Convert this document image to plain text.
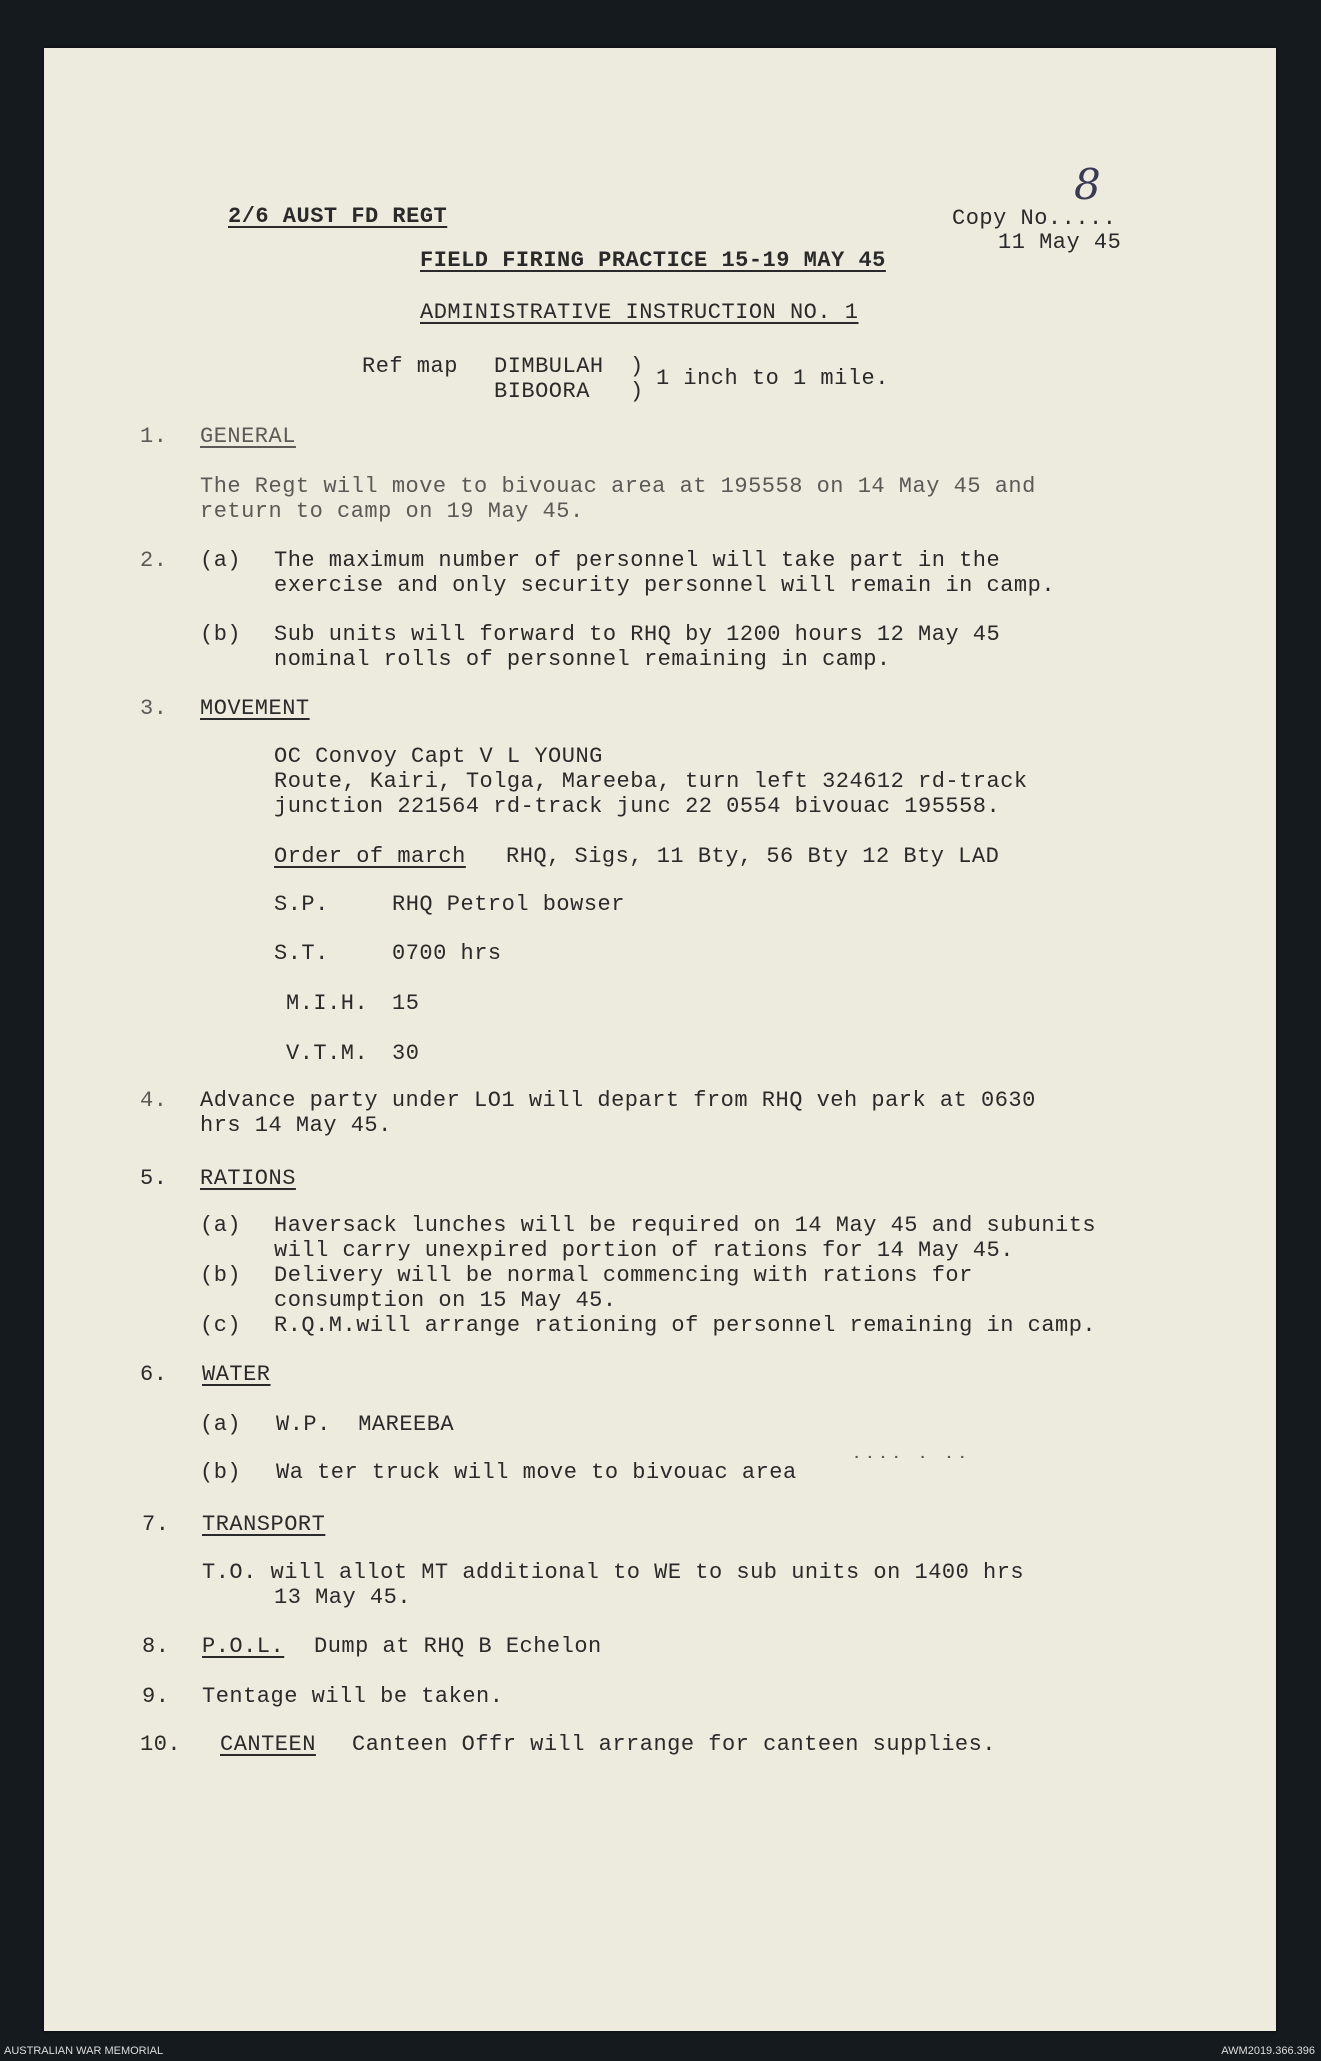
2/6 AUST FD REGT	Copy No.....
8
11 May 45
FIELD FIRING PRACTICE 15-19 MAY 45
ADMINISTRATIVE INSTRUCTION NO. 1
Ref map DIMBULAH
BIBOORA
)
)
1 inch to 1 mile.
1. GENERAL
The Regt will move to bivouac area at 195558 on 14 May 45 and
return to camp on 19 May 45.
2. (a) The maximum number of personnel will take part in the
exercise and only security personnel will remain in camp.
(b) Sub units will forward to RHQ by 1200 hours 12 May 45
nominal rolls of personnel remaining in camp.
3. MOVEMENT
OC Convoy Capt V L YOUNG
Route, Kairi, Tolga, Mareeba, turn left 324612 rd-track
junction 221564 rd-track junc 22 0554 bivouac 195558.
Order of march RHQ, Sigs, 11 Bty, 56 Bty 12 Bty LAD
S.P.	RHQ Petrol bowser
S.T.	0700 hrs
M.I.H. 15
V.T.M. 30
4. Advance party under LO1 will depart from RHQ veh park at 0630
hrs 14 May 45.
5. RATIONS
(a) Haversack lunches will be required on 14 May 45 and subunits
will carry unexpired portion of rations for 14 May 45.
(b) Delivery will be normal commencing with rations for
consumption on 15 May 45.
(c) R.Q.M.will arrange rationing of personnel remaining in camp.
6. WATER
(a) W.P.  MAREEBA
(b) Wa ter truck will move to bivouac area ˙˙˙˙ ˙ ˙˙
7. TRANSPORT
T.O. will allot MT additional to WE to sub units on 1400 hrs
13 May 45.
8. P.O.L. Dump at RHQ B Echelon
9. Tentage will be taken.
10. CANTEEN Canteen Offr will arrange for canteen supplies.
AUSTRALIAN WAR MEMORIAL	AWM2019.366.396
